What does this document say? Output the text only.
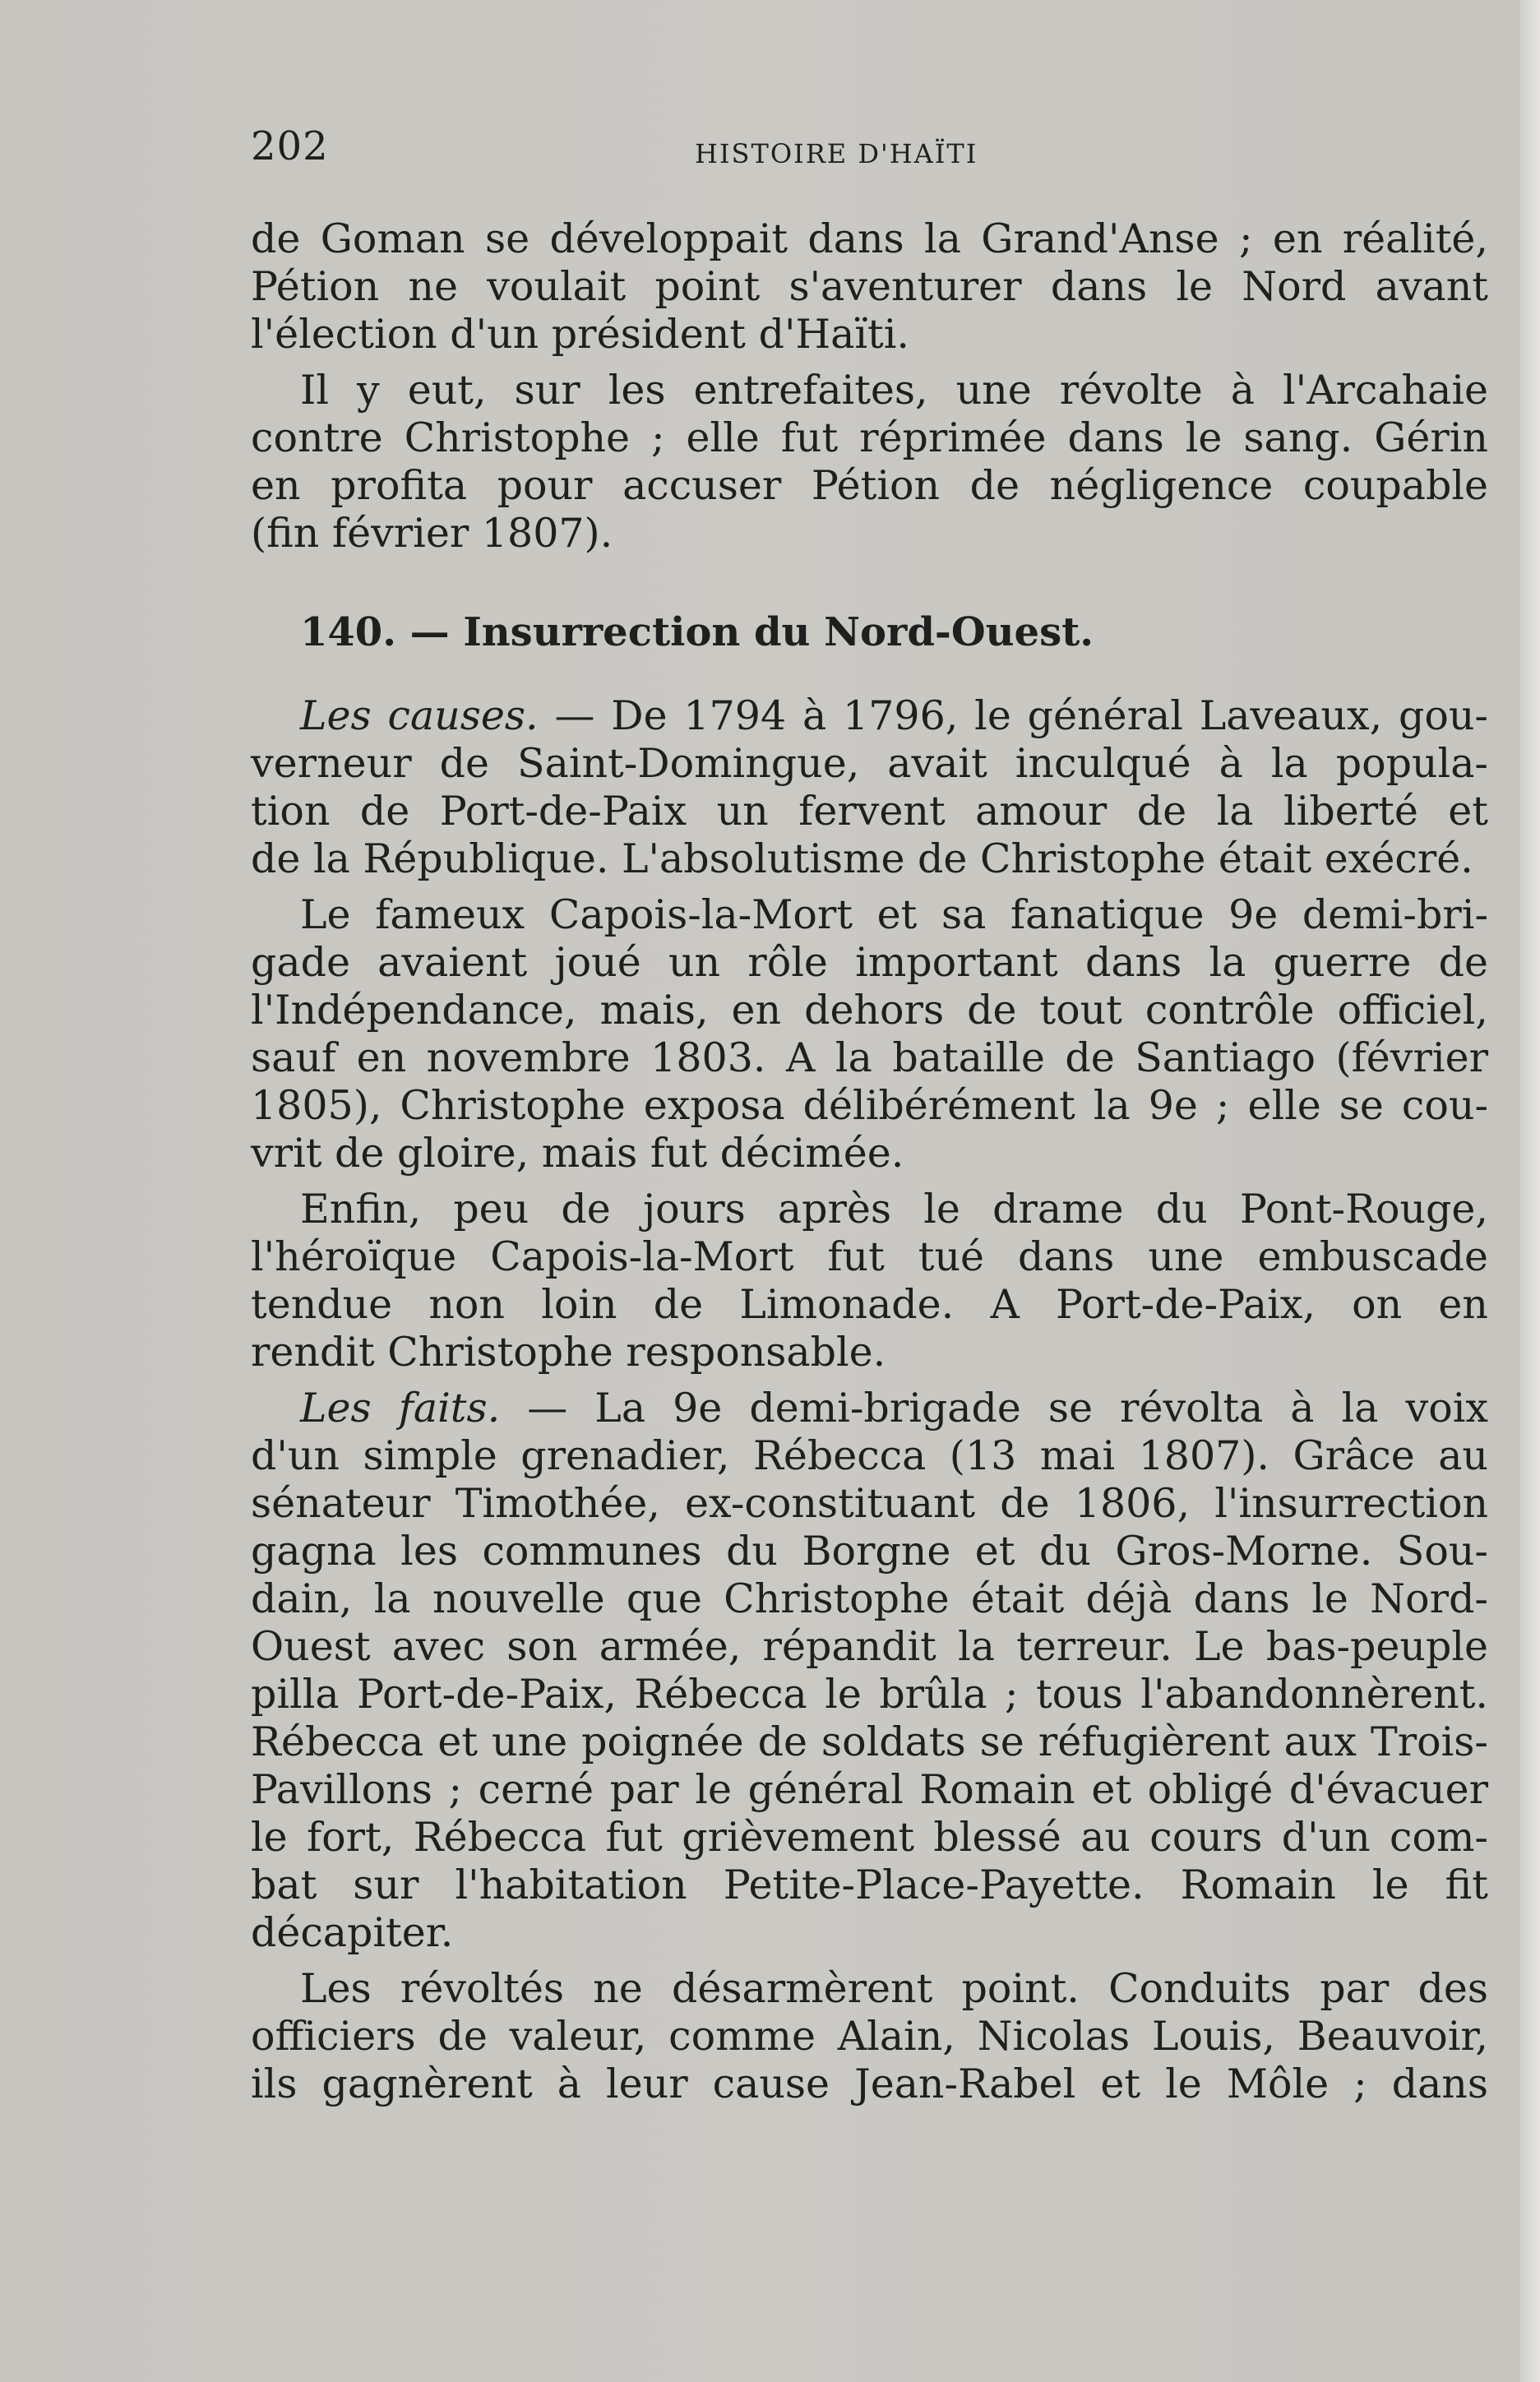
202	HISTOIRE D'HAÏTI

de Goman se développait dans la Grand'Anse ; en réalité,
Pétion ne voulait point s'aventurer dans le Nord avant
l'élection d'un président d'Haïti.

Il y eut, sur les entrefaites, une révolte à l'Arcahaie
contre Christophe ; elle fut réprimée dans le sang. Gérin
en profita pour accuser Pétion de négligence coupable
(fin février 1807).

140. — Insurrection du Nord-Ouest.

Les causes. — De 1794 à 1796, le général Laveaux, gou-
verneur de Saint-Domingue, avait inculqué à la popula-
tion de Port-de-Paix un fervent amour de la liberté et
de la République. L'absolutisme de Christophe était exécré.

Le fameux Capois-la-Mort et sa fanatique 9e demi-bri-
gade avaient joué un rôle important dans la guerre de
l'Indépendance, mais, en dehors de tout contrôle officiel,
sauf en novembre 1803. A la bataille de Santiago (février
1805), Christophe exposa délibérément la 9e ; elle se cou-
vrit de gloire, mais fut décimée.

Enfin, peu de jours après le drame du Pont-Rouge,
l'héroïque Capois-la-Mort fut tué dans une embuscade
tendue non loin de Limonade. A Port-de-Paix, on en
rendit Christophe responsable.

Les faits. — La 9e demi-brigade se révolta à la voix
d'un simple grenadier, Rébecca (13 mai 1807). Grâce au
sénateur Timothée, ex-constituant de 1806, l'insurrection
gagna les communes du Borgne et du Gros-Morne. Sou-
dain, la nouvelle que Christophe était déjà dans le Nord-
Ouest avec son armée, répandit la terreur. Le bas-peuple
pilla Port-de-Paix, Rébecca le brûla ; tous l'abandonnèrent.
Rébecca et une poignée de soldats se réfugièrent aux Trois-
Pavillons ; cerné par le général Romain et obligé d'évacuer
le fort, Rébecca fut grièvement blessé au cours d'un com-
bat sur l'habitation Petite-Place-Payette. Romain le fit
décapiter.

Les révoltés ne désarmèrent point. Conduits par des
officiers de valeur, comme Alain, Nicolas Louis, Beauvoir,
ils gagnèrent à leur cause Jean-Rabel et le Môle ; dans
